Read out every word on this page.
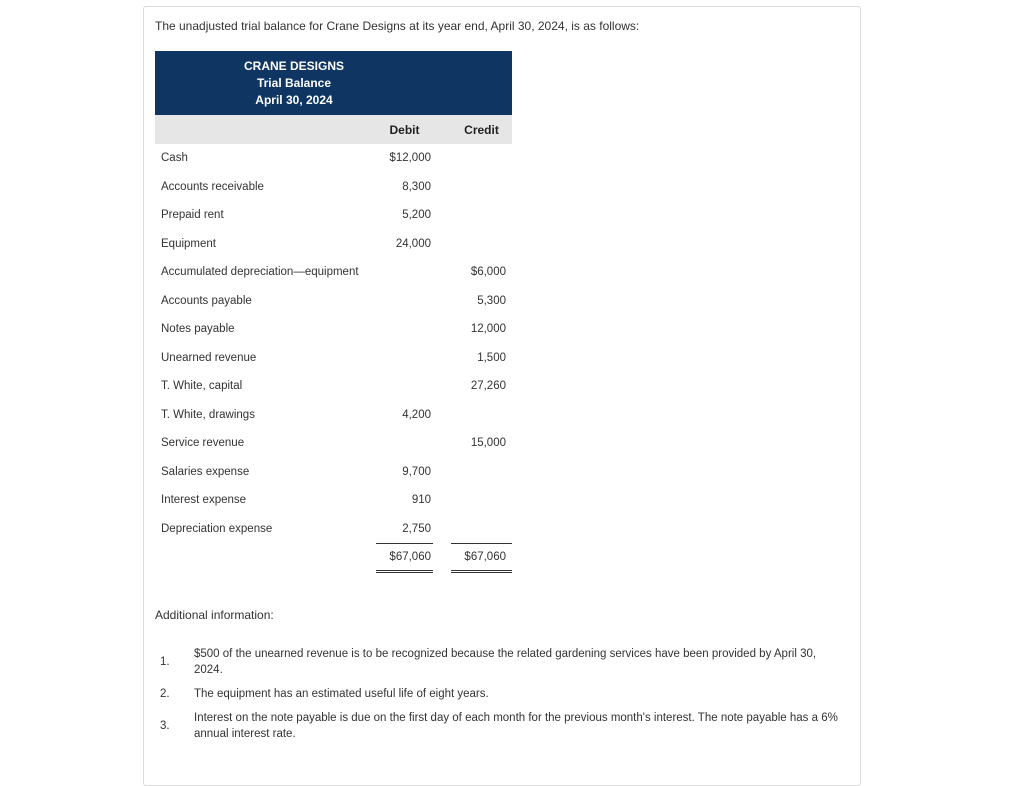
The unadjusted trial balance for Crane Designs at its year end, April 30, 2024, is as follows:
CRANE DESIGNS
Trial Balance
April 30, 2024			

	Debit		Credit
Cash	$12,000		
Accounts receivable	8,300		
Prepaid rent	5,200		
Equipment	24,000		
Accumulated depreciation—equipment			$6,000
Accounts payable			5,300
Notes payable			12,000
Unearned revenue			1,500
T. White, capital			27,260
T. White, drawings	4,200		
Service revenue			15,000
Salaries expense	9,700		
Interest expense	910		
Depreciation expense	2,750		
	$67,060		$67,060
Additional information:
1.
$500 of the unearned revenue is to be recognized because the related gardening services have been provided by April 30, 2024.
2.	The equipment has an estimated useful life of eight years.
3.
Interest on the note payable is due on the first day of each month for the previous month's interest. The note payable has a 6% annual interest rate.
